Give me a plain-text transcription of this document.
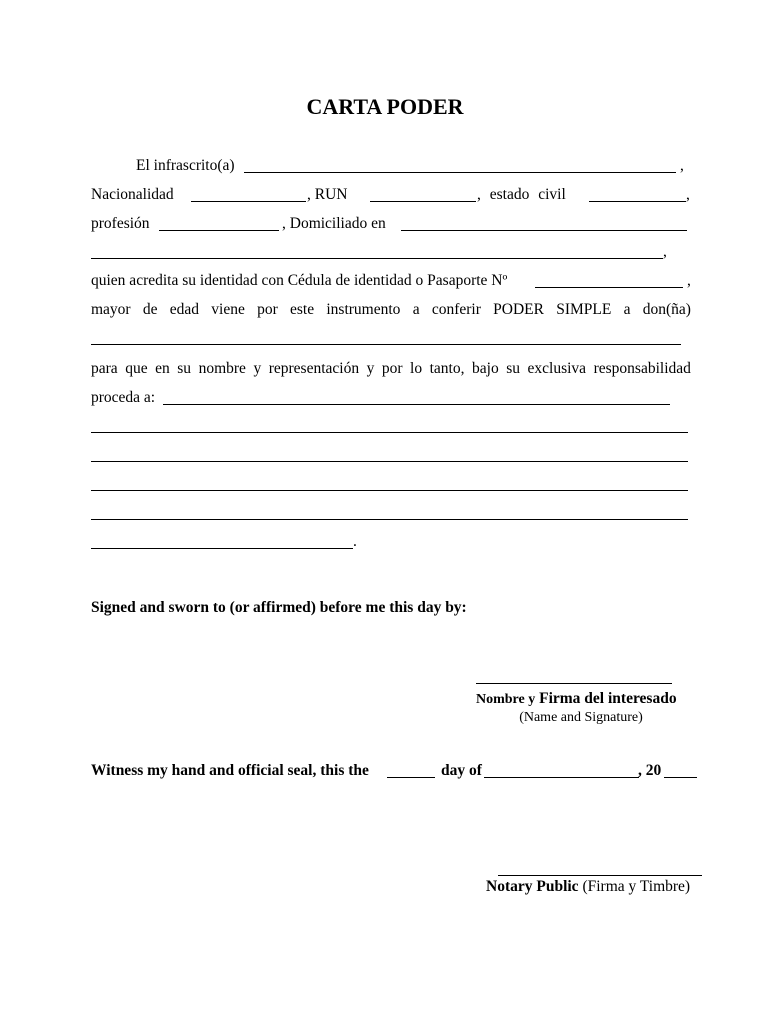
CARTA PODER
El infrascrito(a)	,
Nacionalidad	, RUN	, estado civil	,
profesión	, Domiciliado en
,
quien acredita su identidad con Cédula de identidad o Pasaporte Nº	,
mayor de edad viene por este instrumento a conferir PODER SIMPLE a don(ña)
para que en su nombre y representación y por lo tanto, bajo su exclusiva responsabilidad
proceda a:
.
Signed and sworn to (or affirmed) before me this day by:
Nombre y Firma del interesado
(Name and Signature)
Witness my hand and official seal, this the	day of	, 20
Notary Public (Firma y Timbre)
